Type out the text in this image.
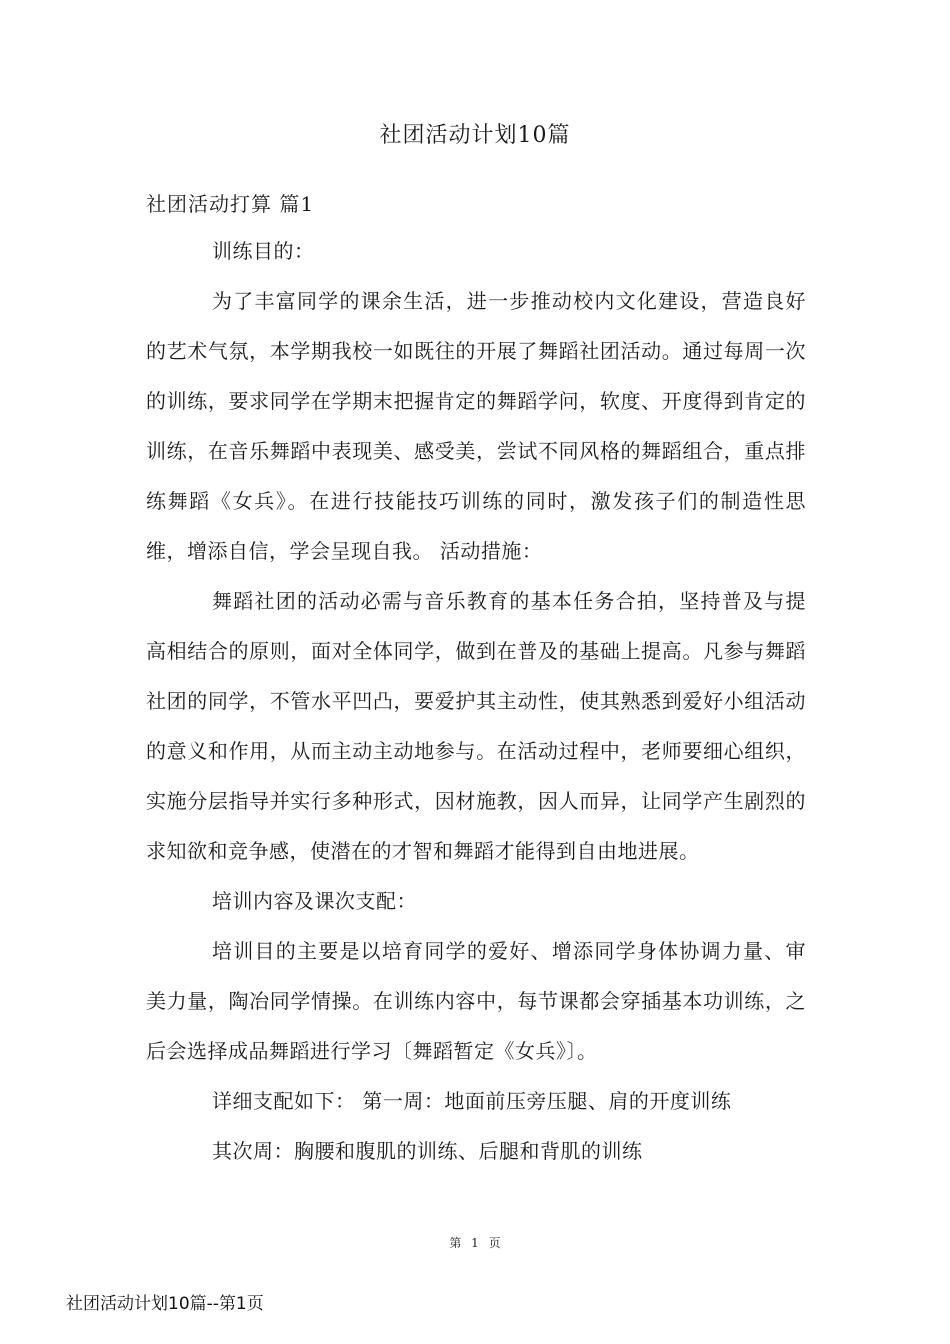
社团活动计划10篇
社团活动打算 篇1

训练目的：

为了丰富同学的课余生活，进一步推动校内文化建设，营造良好的艺术气氛，本学期我校一如既往的开展了舞蹈社团活动。通过每周一次的训练，要求同学在学期末把握肯定的舞蹈学问，软度、开度得到肯定的训练，在音乐舞蹈中表现美、感受美，尝试不同风格的舞蹈组合，重点排练舞蹈《女兵》。在进行技能技巧训练的同时，激发孩子们的制造性思维，增添自信，学会呈现自我。 活动措施：

舞蹈社团的活动必需与音乐教育的基本任务合拍，坚持普及与提高相结合的原则，面对全体同学，做到在普及的基础上提高。凡参与舞蹈社团的同学，不管水平凹凸，要爱护其主动性，使其熟悉到爱好小组活动的意义和作用，从而主动主动地参与。在活动过程中，老师要细心组织，实施分层指导并实行多种形式，因材施教，因人而异，让同学产生剧烈的求知欲和竞争感，使潜在的才智和舞蹈才能得到自由地进展。

培训内容及课次支配：

培训目的主要是以培育同学的爱好、增添同学身体协调力量、审美力量，陶冶同学情操。在训练内容中，每节课都会穿插基本功训练，之后会选择成品舞蹈进行学习〔舞蹈暂定《女兵》〕。

详细支配如下： 第一周：地面前压旁压腿、肩的开度训练

其次周：胸腰和腹肌的训练、后腿和背肌的训练

第 1 页
社团活动计划10篇--第1页
